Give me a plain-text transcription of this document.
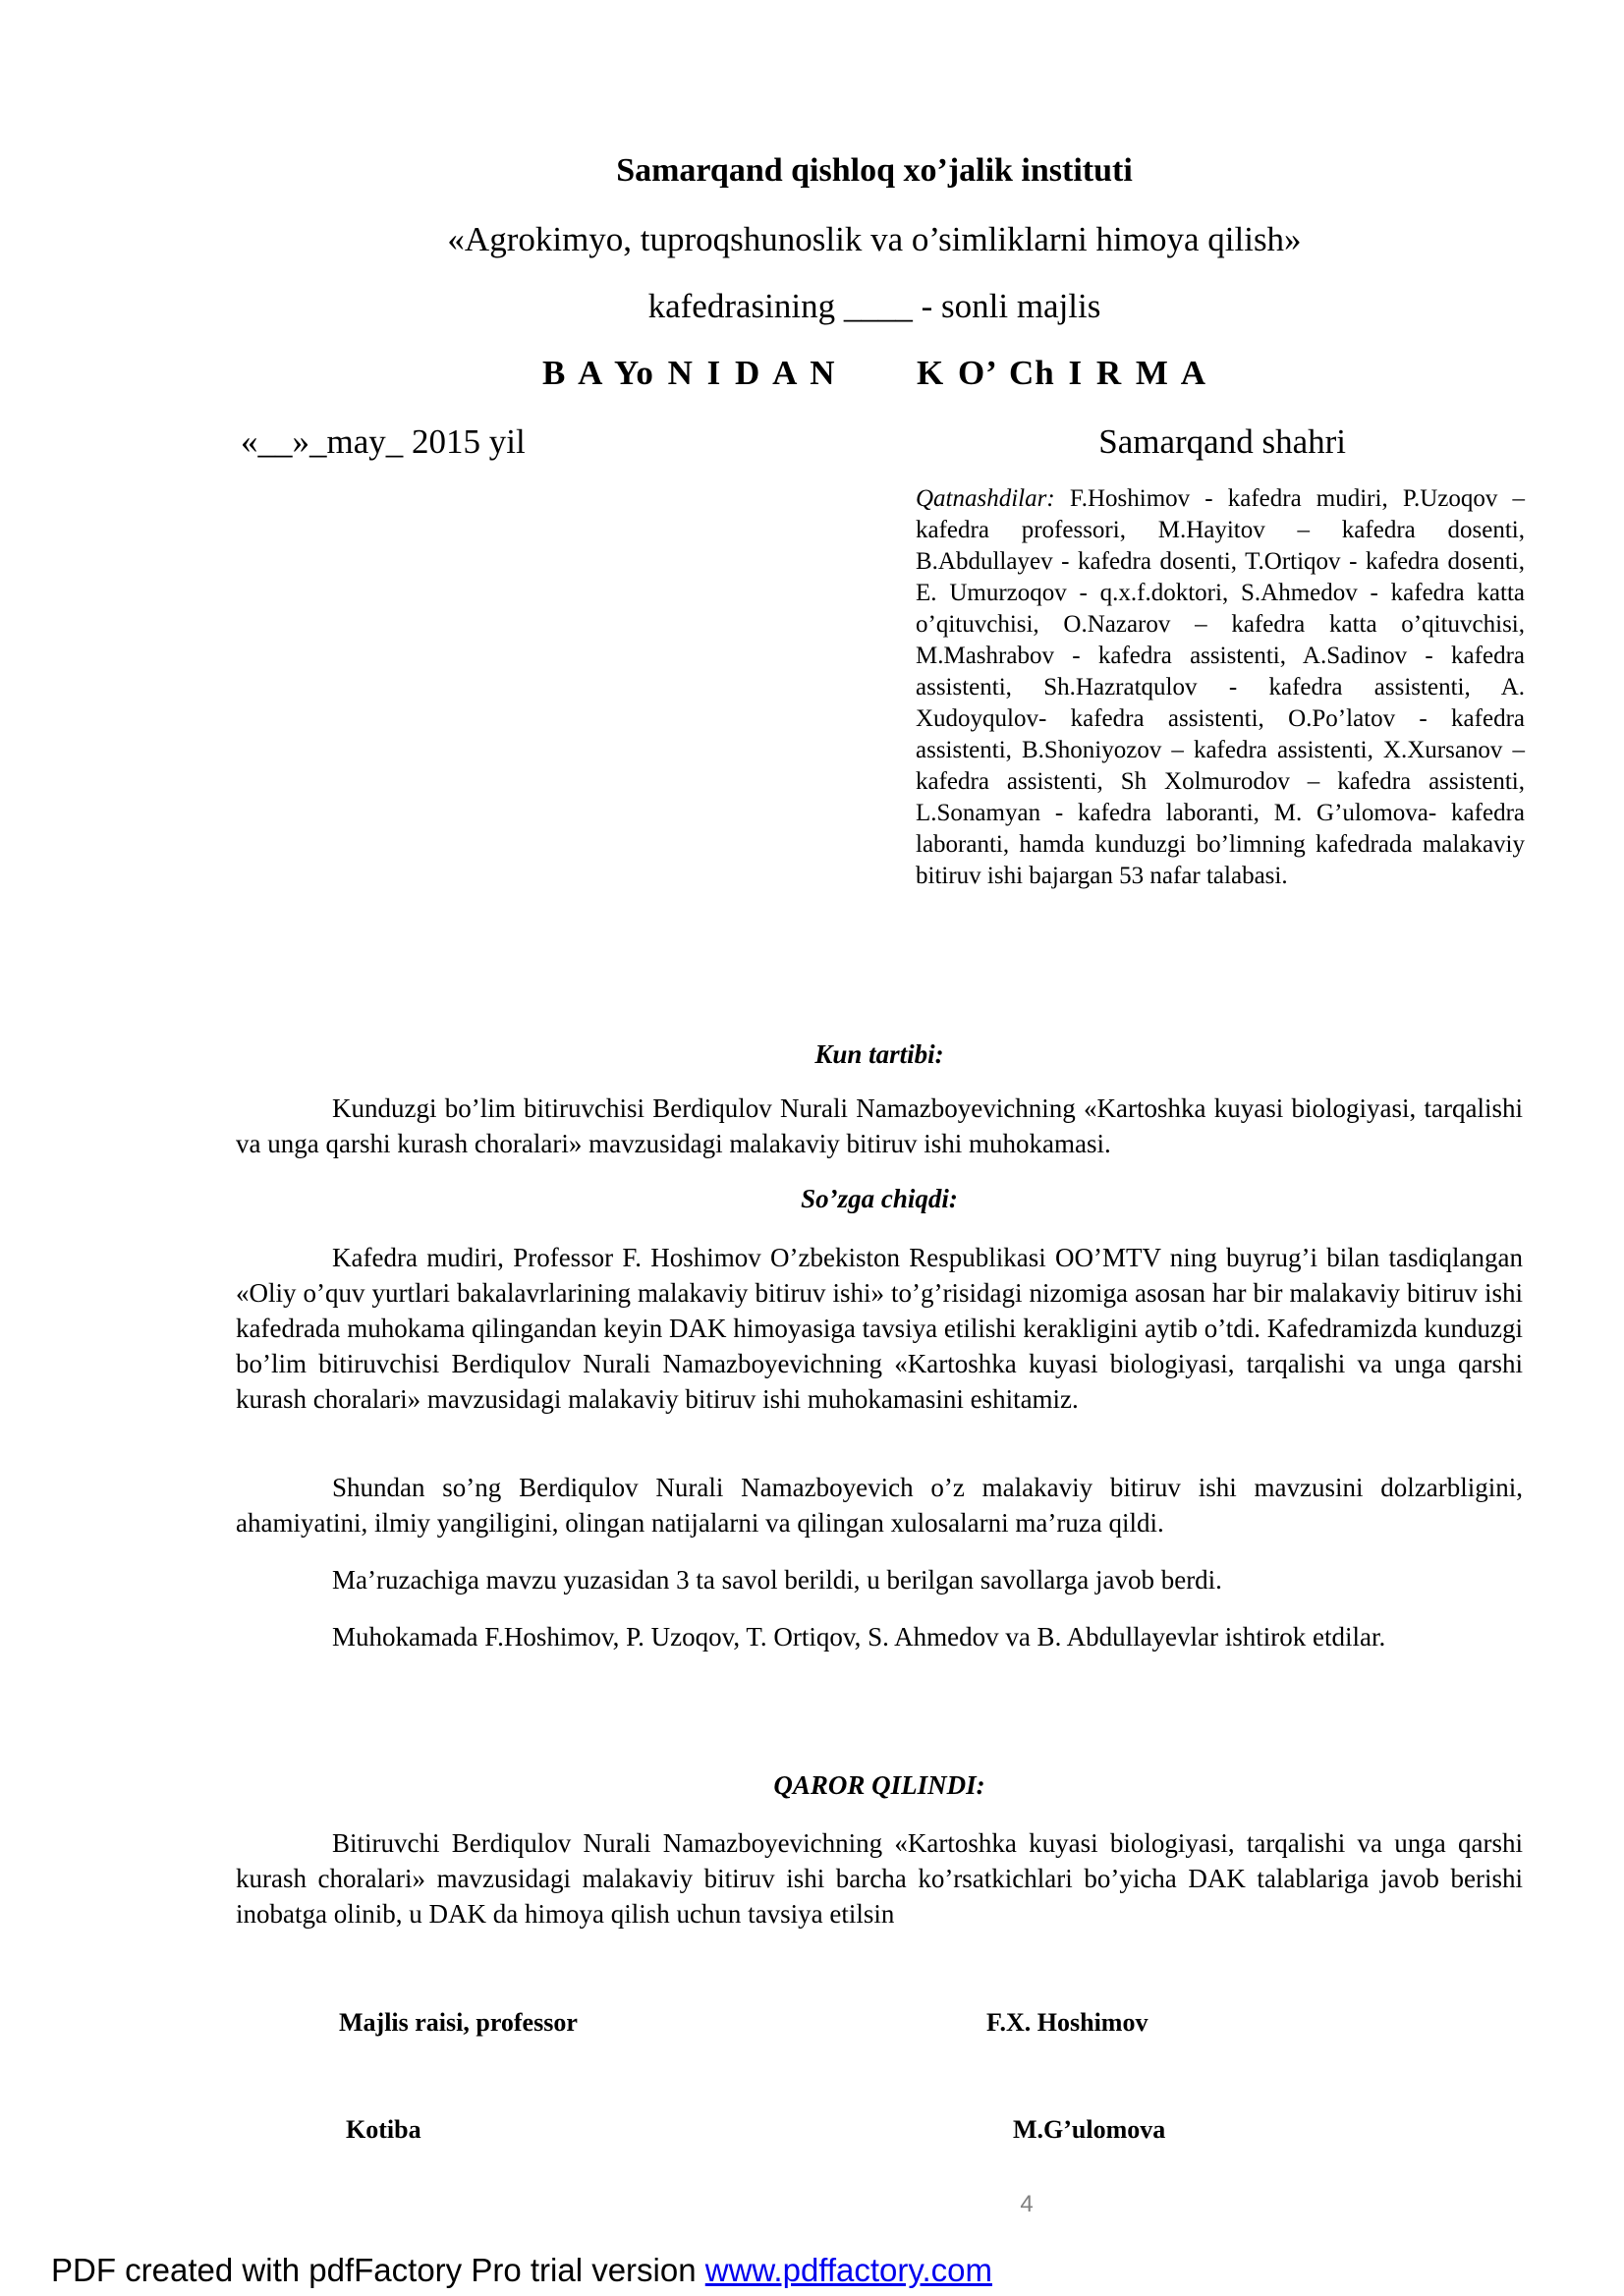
Samarqand qishloq xo’jalik instituti
«Agrokimyo, tuproqshunoslik va o’simliklarni himoya qilish»
kafedrasining ____ - sonli majlis
B A Yo N I D A N      K O’ Ch I R M A
«__»_may_ 2015 yil	Samarqand shahri
Qatnashdilar: F.Hoshimov - kafedra mudiri, P.Uzoqov – kafedra professori, M.Hayitov – kafedra dosenti, B.Abdullayev - kafedra dosenti, T.Ortiqov - kafedra dosenti, E. Umurzoqov - q.x.f.doktori, S.Ahmedov - kafedra katta o’qituvchisi, O.Nazarov – kafedra katta o’qituvchisi, M.Mashrabov - kafedra assistenti, A.Sadinov - kafedra assistenti, Sh.Hazratqulov - kafedra assistenti, A. Xudoyqulov- kafedra assistenti, O.Po’latov - kafedra assistenti, B.Shoniyozov – kafedra assistenti, X.Xursanov – kafedra assistenti, Sh Xolmurodov – kafedra assistenti, L.Sonamyan - kafedra laboranti, M. G’ulomova- kafedra laboranti, hamda kunduzgi bo’limning kafedrada malakaviy bitiruv ishi bajargan 53 nafar talabasi.
Kun tartibi:
Kunduzgi bo’lim bitiruvchisi Berdiqulov Nurali Namazboyevichning «Kartoshka kuyasi biologiyasi, tarqalishi va unga qarshi kurash choralari» mavzusidagi malakaviy bitiruv ishi muhokamasi.
So’zga chiqdi:
Kafedra mudiri, Professor F. Hoshimov O’zbekiston Respublikasi OO’MTV ning buyrug’i bilan tasdiqlangan «Oliy o’quv yurtlari bakalavrlarining malakaviy bitiruv ishi» to’g’risidagi nizomiga asosan har bir malakaviy bitiruv ishi kafedrada muhokama qilingandan keyin DAK himoyasiga tavsiya etilishi kerakligini aytib o’tdi. Kafedramizda kunduzgi bo’lim bitiruvchisi Berdiqulov Nurali Namazboyevichning «Kartoshka kuyasi biologiyasi, tarqalishi va unga qarshi kurash choralari» mavzusidagi malakaviy bitiruv ishi muhokamasini eshitamiz.
Shundan so’ng Berdiqulov Nurali Namazboyevich o’z malakaviy bitiruv ishi mavzusini dolzarbligini, ahamiyatini, ilmiy yangiligini, olingan natijalarni va qilingan xulosalarni ma’ruza qildi.
Ma’ruzachiga mavzu yuzasidan 3 ta savol berildi, u berilgan savollarga javob berdi.
Muhokamada F.Hoshimov, P. Uzoqov, T. Ortiqov, S. Ahmedov va B. Abdullayevlar ishtirok etdilar.
QAROR QILINDI:
Bitiruvchi Berdiqulov Nurali Namazboyevichning «Kartoshka kuyasi biologiyasi, tarqalishi va unga qarshi kurash choralari» mavzusidagi malakaviy bitiruv ishi barcha ko’rsatkichlari bo’yicha DAK talablariga javob berishi inobatga olinib, u DAK da himoya qilish uchun tavsiya etilsin
Majlis raisi, professor	F.X. Hoshimov
Kotiba	M.G’ulomova
4
PDF created with pdfFactory Pro trial version www.pdffactory.com
